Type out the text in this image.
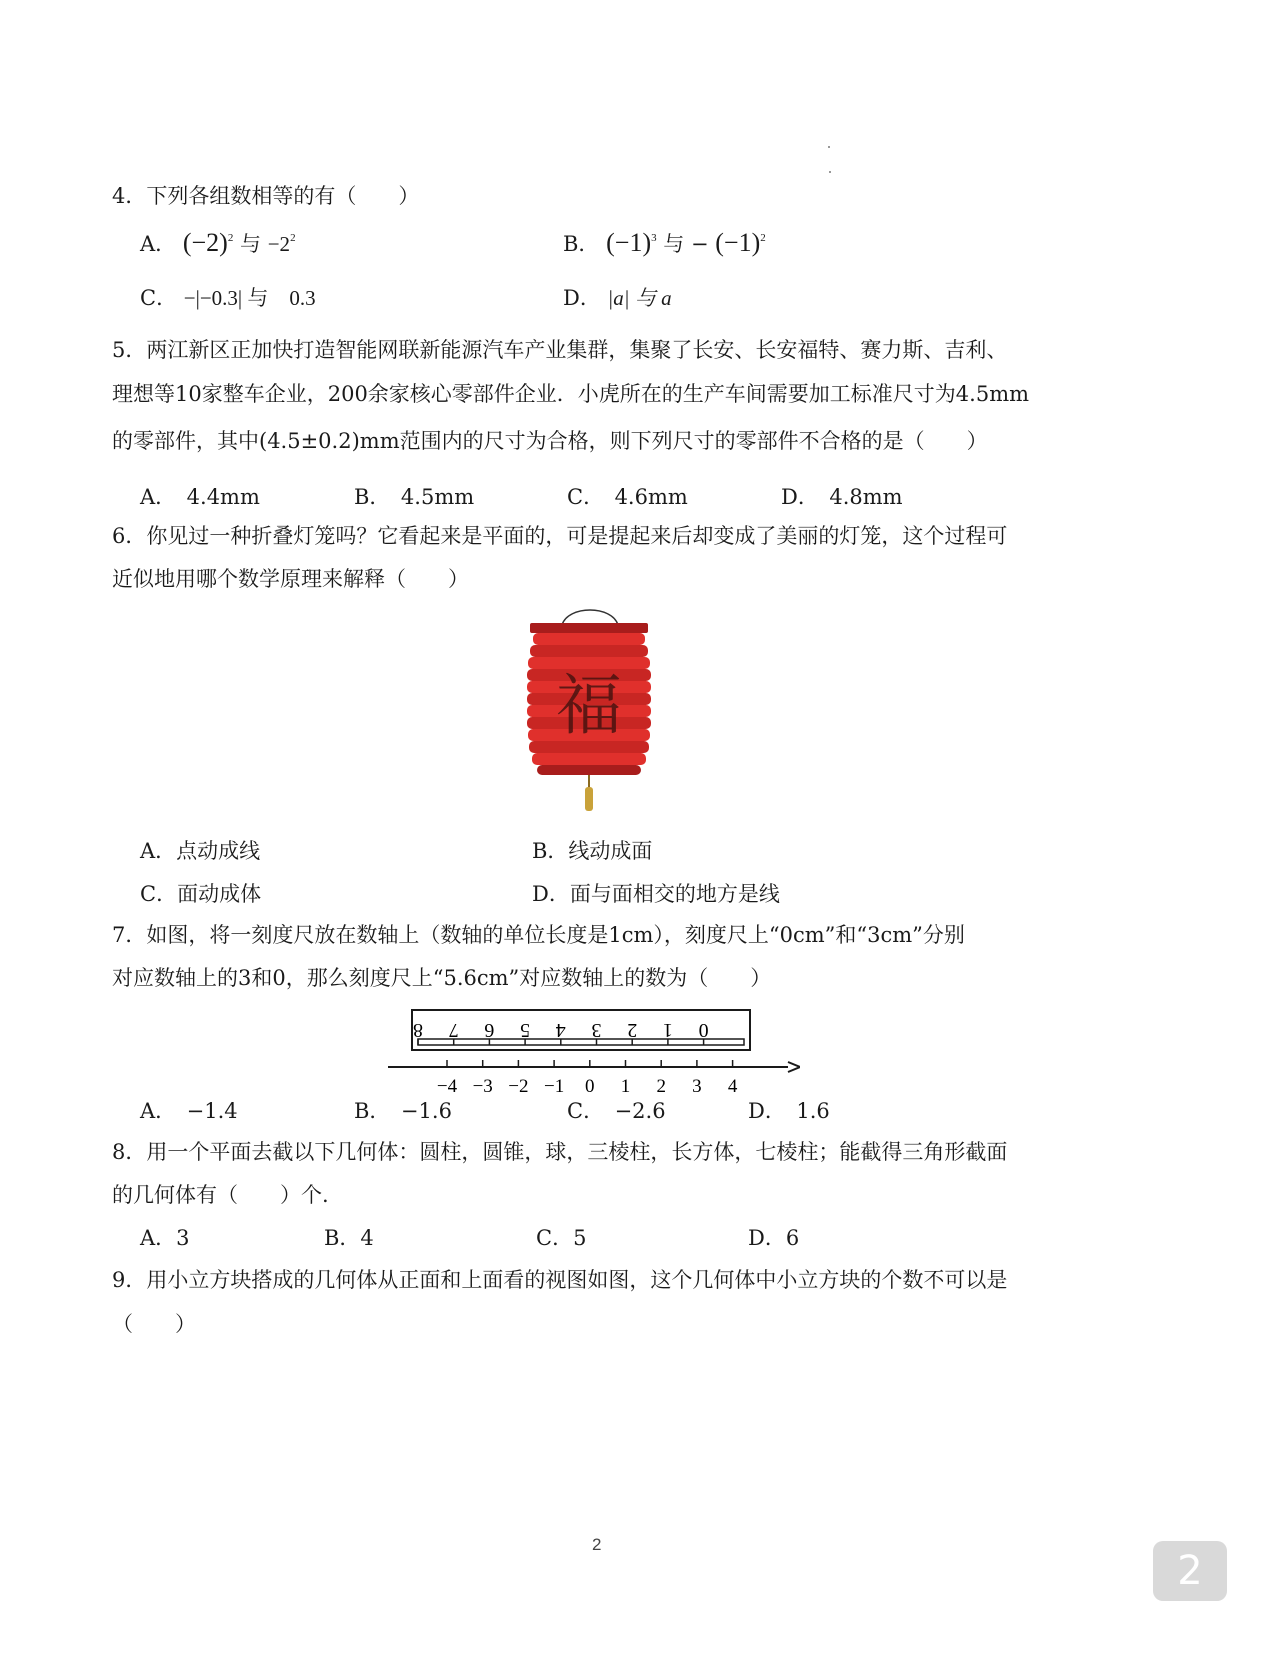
4．下列各组数相等的有（　　）
A． $(-2)^2$ 与 $-2^2$	B． $(-1)^3$ 与 − $(-1)^2$
C． −|−0.3| 与　0.3	D． |a| 与 a
5．两江新区正加快打造智能网联新能源汽车产业集群，集聚了长安、长安福特、赛力斯、吉利、
理想等10家整车企业，200余家核心零部件企业．小虎所在的生产车间需要加工标准尺寸为4.5mm
的零部件，其中(4.5±0.2)mm范围内的尺寸为合格，则下列尺寸的零部件不合格的是（　　）
A．　4.4mm	B．　4.5mm	C．　4.6mm	D．　4.8mm
6．你见过一种折叠灯笼吗？它看起来是平面的，可是提起来后却变成了美丽的灯笼，这个过程可
近似地用哪个数学原理来解释（　　）
福
A．点动成线	B．线动成面
C．面动成体	D．面与面相交的地方是线
7．如图，将一刻度尺放在数轴上（数轴的单位长度是1cm），刻度尺上“0cm”和“3cm”分别
对应数轴上的3和0，那么刻度尺上“5.6cm”对应数轴上的数为（　　）
8 7 6 5 4 3 2 1 0
−4 −3 −2 −1 0 1 2 3 4
A．　−1.4	B．　−1.6	C．　−2.6	D．　1.6
8．用一个平面去截以下几何体：圆柱，圆锥，球，三棱柱，长方体，七棱柱；能截得三角形截面
的几何体有（　　）个.
A．3	B．4	C．5	D．6
9．用小立方块搭成的几何体从正面和上面看的视图如图，这个几何体中小立方块的个数不可以是
（　　）
2
2
